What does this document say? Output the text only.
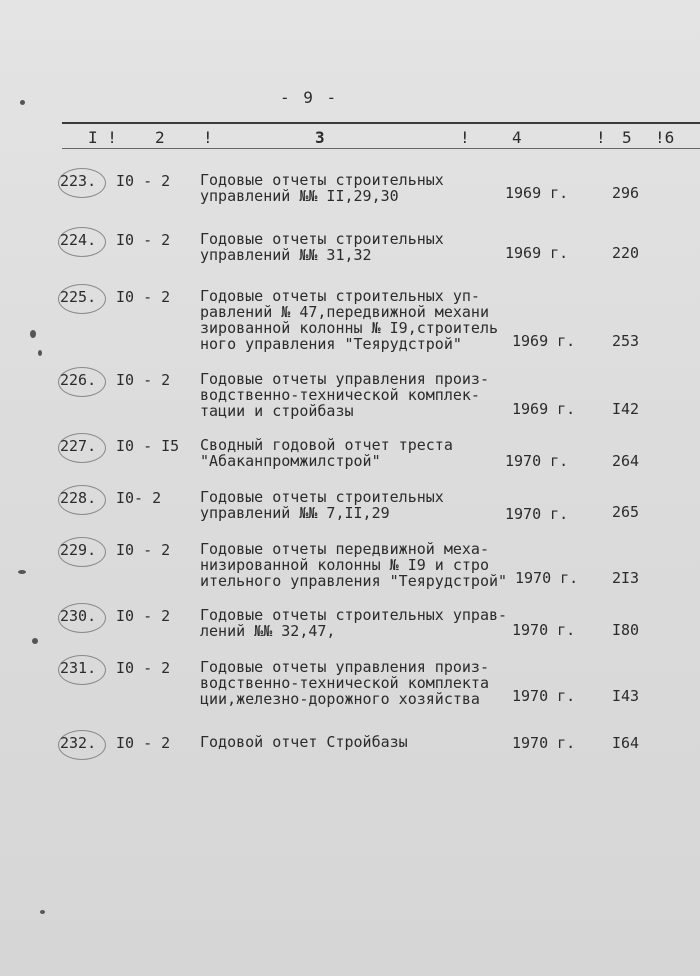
- 9 -
I ! 2 !	3	!	4	! 5 !6
223. I0 - 2 Годовые отчеты строительных
управлений №№ II,29,30	1969 г.	296
224. I0 - 2 Годовые отчеты строительных
управлений №№ 31,32	1969 г.	220
225. I0 - 2 Годовые отчеты строительных уп-
равлений № 47,передвижной механи
зированной колонны № I9,строитель
ного управления "Теярудстрой"	1969 г. 253
226. I0 - 2 Годовые отчеты управления произ-
водственно-технической комплек-
тации и стройбазы	1969 г. I42
227. I0 - I5 Сводный годовой отчет треста
"Абаканпромжилстрой"	1970 г.	264
228. I0- 2	Годовые отчеты строительных
управлений №№ 7,II,29	1970 г.	265
229. I0 - 2 Годовые отчеты передвижной меха-
низированной колонны № I9 и стро
ительного управления "Теярудстрой" 1970 г. 2I3
230. I0 - 2 Годовые отчеты строительных управ-
лений №№ 32,47,	1970 г. I80
231. I0 - 2 Годовые отчеты управления произ-
водственно-технической комплекта
ции,железно-дорожного хозяйства	1970 г. I43
232. I0 - 2 Годовой отчет Стройбазы	1970 г. I64
